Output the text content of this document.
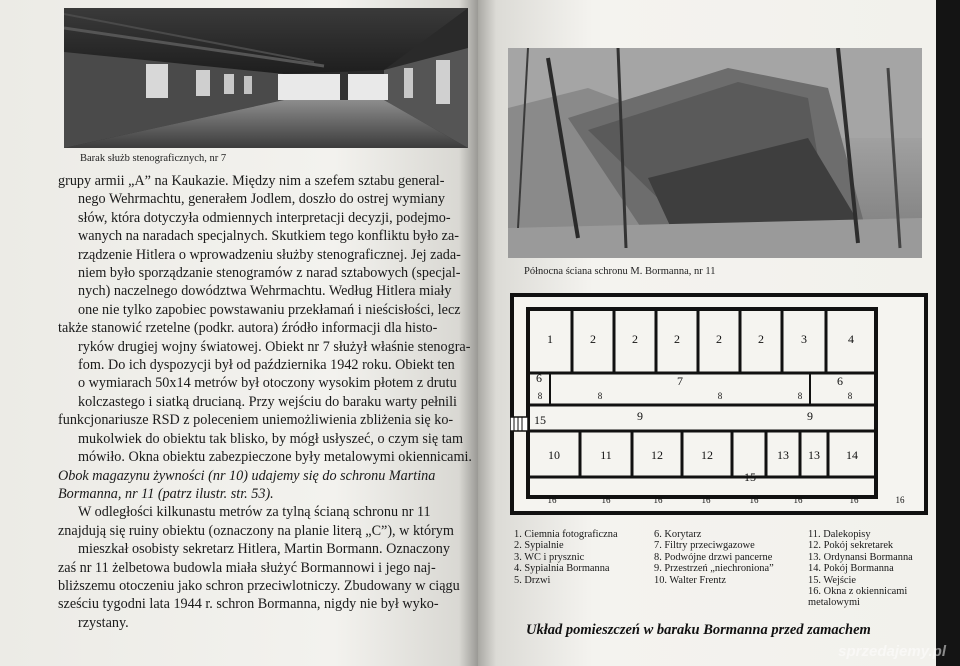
Barak służb stenograficznych, nr 7
grupy armii „A” na Kaukazie. Między nim a szefem sztabu general-
nego Wehrmachtu, generałem Jodlem, doszło do ostrej wymiany
słów, która dotyczyła odmiennych interpretacji decyzji, podejmo-
wanych na naradach specjalnych. Skutkiem tego konfliktu było za-
rządzenie Hitlera o wprowadzeniu służby stenograficznej. Jej zada-
niem było sporządzanie stenogramów z narad sztabowych (specjal-
nych) naczelnego dowództwa Wehrmachtu. Według Hitlera miały
one nie tylko zapobiec powstawaniu przekłamań i nieścisłości, lecz
także stanowić rzetelne (podkr. autora) źródło informacji dla histo-
ryków drugiej wojny światowej. Obiekt nr 7 służył właśnie stenogra-
fom. Do ich dyspozycji był od października 1942 roku. Obiekt ten
o wymiarach 50x14 metrów był otoczony wysokim płotem z drutu
kolczastego i siatką drucianą. Przy wejściu do baraku warty pełnili
funkcjonariusze RSD z poleceniem uniemożliwienia zbliżenia się ko-
mukolwiek do obiektu tak blisko, by mógł usłyszeć, o czym się tam
mówiło. Okna obiektu zabezpieczone były metalowymi okiennicami.
Obok magazynu żywności (nr 10) udajemy się do schronu Martina
Bormanna, nr 11 (patrz ilustr. str. 53).
W odległości kilkunastu metrów za tylną ścianą schronu nr 11
znajdują się ruiny obiektu (oznaczony na planie literą „C”), w którym
mieszkał osobisty sekretarz Hitlera, Martin Bormann. Oznaczony
zaś nr 11 żelbetowa budowla miała służyć Bormannowi i jego naj-
bliższemu otoczeniu jako schron przeciwlotniczy. Zbudowany w ciągu
sześciu tygodni lata 1944 r. schron Bormanna, nigdy nie był wyko-
rzystany.
Północna ściana schronu M. Bormanna, nr 11
1	2	2	2	2	2	3	4
6	7	6
8	8	8	8	8
9	9
15
15
10	11	12	12	13 13 14
16	16	16	16	16	16	16	16
1. Ciemnia fotograficzna
2. Sypialnie
3. WC i prysznic
4. Sypialnia Bormanna
5. Drzwi
6. Korytarz
7. Filtry przeciwgazowe
8. Podwójne drzwi pancerne
9. Przestrzeń „niechroniona”
10. Walter Frentz
11. Dalekopisy
12. Pokój sekretarek
13. Ordynansi Bormanna
14. Pokój Bormanna
15. Wejście
16. Okna z okiennicami
metalowymi
Układ pomieszczeń w baraku Bormanna przed zamachem
sprzedajemy.pl
